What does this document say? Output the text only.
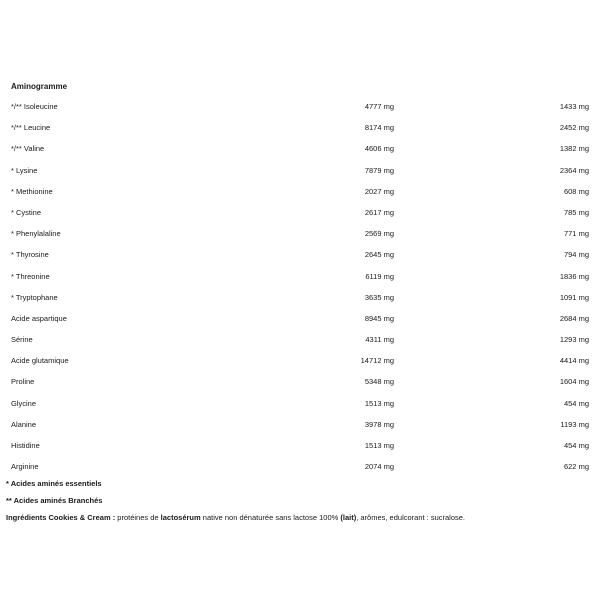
Aminogramme
*/** Isoleucine	4777 mg	1433 mg
*/** Leucine	8174 mg	2452 mg
*/** Valine	4606 mg	1382 mg
* Lysine	7879 mg	2364 mg
* Methionine	2027 mg	608 mg
* Cystine	2617 mg	785 mg
* Phenylalaline	2569 mg	771 mg
* Thyrosine	2645 mg	794 mg
* Threonine	6119 mg	1836 mg
* Tryptophane	3635 mg	1091 mg
Acide aspartique	8945 mg	2684 mg
Sérine	4311 mg	1293 mg
Acide glutamique	14712 mg	4414 mg
Proline	5348 mg	1604 mg
Glycine	1513 mg	454 mg
Alanine	3978 mg	1193 mg
Histidine	1513 mg	454 mg
Arginine	2074 mg	622 mg
* Acides aminés essentiels
** Acides aminés Branchés
Ingrédients Cookies & Cream : protéines de lactosérum native non dénaturée sans lactose 100% (lait), arômes, edulcorant : sucralose.
